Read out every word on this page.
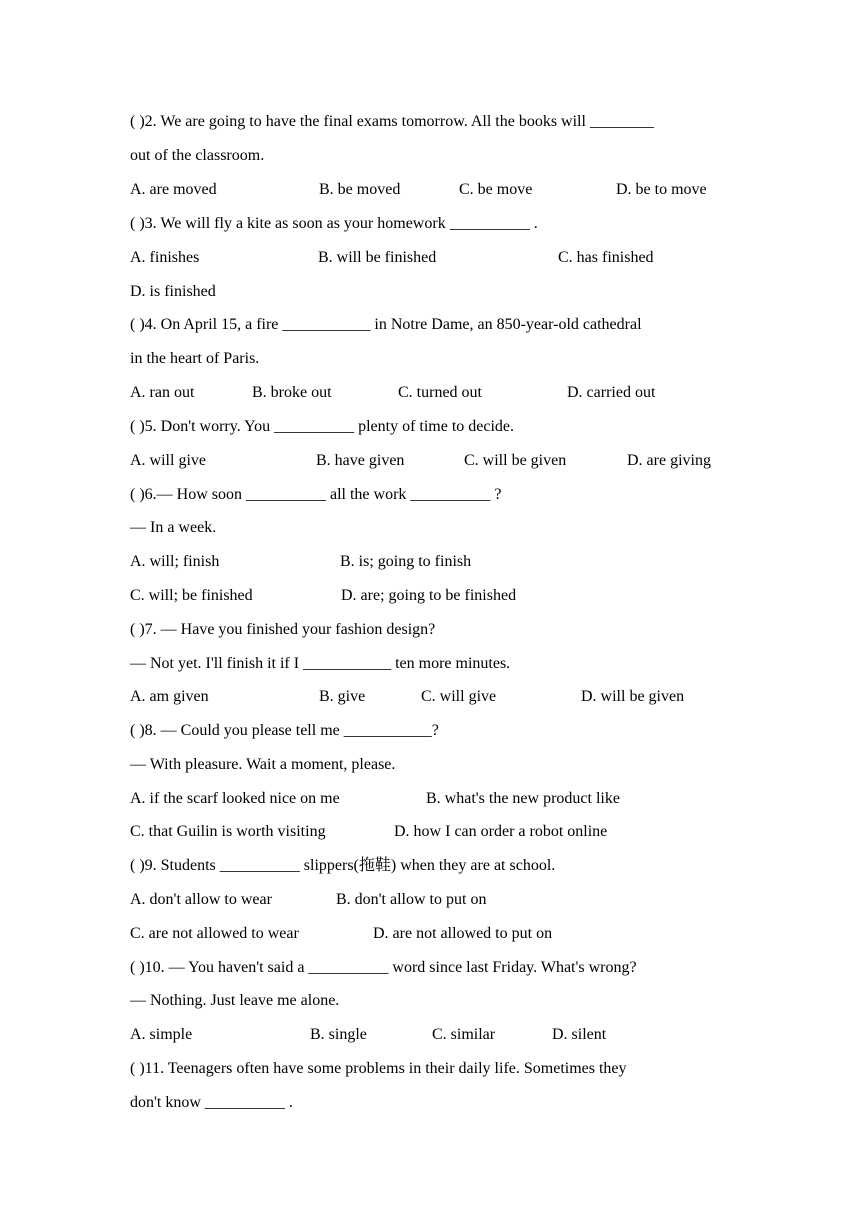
( )2. We are going to have the final exams tomorrow. All the books will ________
out of the classroom.
A. are moved	B. be moved	C. be move	D. be to move
( )3. We will fly a kite as soon as your homework __________ .
A. finishes	B. will be finished	C. has finished
D. is finished
( )4. On April 15, a fire ___________ in Notre Dame, an 850-year-old cathedral
in the heart of Paris.
A. ran out	B. broke out	C. turned out	D. carried out
( )5. Don't worry. You __________ plenty of time to decide.
A. will give	B. have given	C. will be given	D. are giving
( )6.— How soon __________ all the work __________ ?
— In a week.
A. will; finish	B. is; going to finish
C. will; be finished	D. are; going to be finished
( )7. — Have you finished your fashion design?
— Not yet. I'll finish it if I ___________ ten more minutes.
A. am given	B. give	C. will give	D. will be given
( )8. — Could you please tell me ___________?
— With pleasure. Wait a moment, please.
A. if the scarf looked nice on me	B. what's the new product like
C. that Guilin is worth visiting	D. how I can order a robot online
( )9. Students __________ slippers(拖鞋) when they are at school.
A. don't allow to wear	B. don't allow to put on
C. are not allowed to wear	D. are not allowed to put on
( )10. — You haven't said a __________ word since last Friday. What's wrong?
— Nothing. Just leave me alone.
A. simple	B. single	C. similar	D. silent
( )11. Teenagers often have some problems in their daily life. Sometimes they
don't know __________ .
